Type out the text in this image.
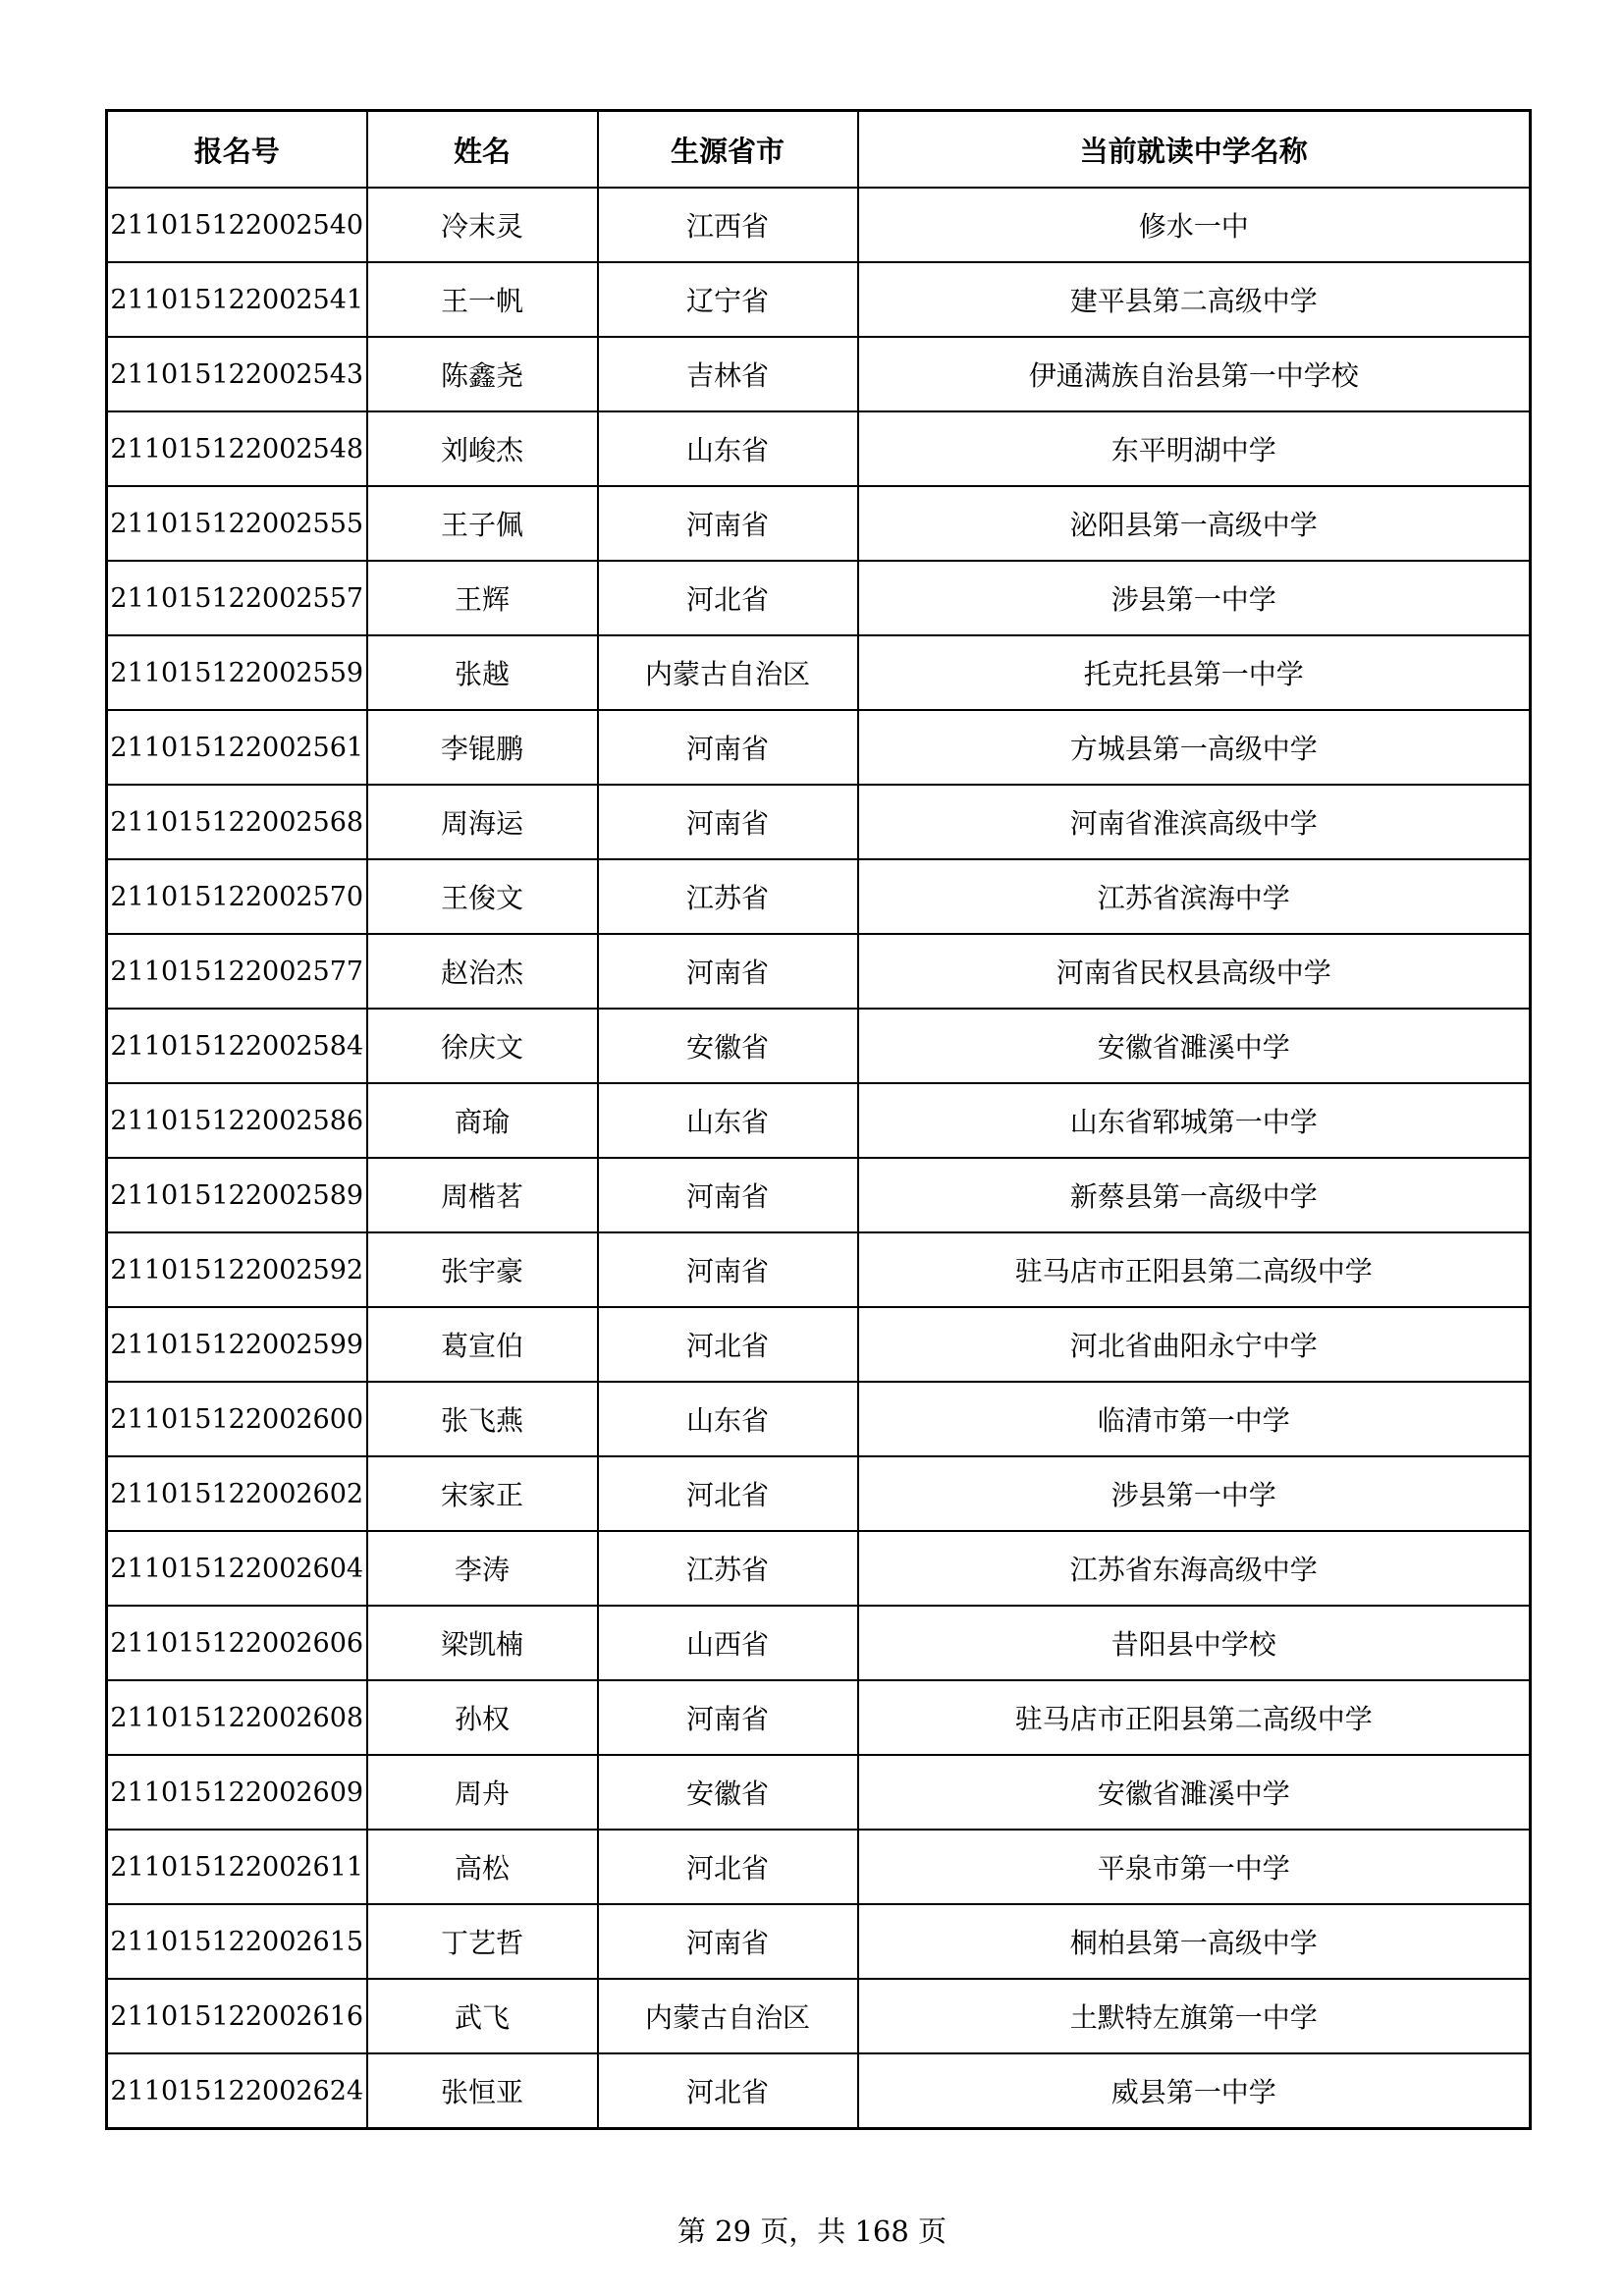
报名号	姓名	生源省市	当前就读中学名称
211015122002540	冷末灵	江西省	修水一中
211015122002541	王一帆	辽宁省	建平县第二高级中学
211015122002543	陈鑫尧	吉林省	伊通满族自治县第一中学校
211015122002548	刘峻杰	山东省	东平明湖中学
211015122002555	王子佩	河南省	泌阳县第一高级中学
211015122002557	王辉	河北省	涉县第一中学
211015122002559	张越	内蒙古自治区	托克托县第一中学
211015122002561	李锟鹏	河南省	方城县第一高级中学
211015122002568	周海运	河南省	河南省淮滨高级中学
211015122002570	王俊文	江苏省	江苏省滨海中学
211015122002577	赵治杰	河南省	河南省民权县高级中学
211015122002584	徐庆文	安徽省	安徽省濉溪中学
211015122002586	商瑜	山东省	山东省郓城第一中学
211015122002589	周楷茗	河南省	新蔡县第一高级中学
211015122002592	张宇豪	河南省	驻马店市正阳县第二高级中学
211015122002599	葛宣伯	河北省	河北省曲阳永宁中学
211015122002600	张飞燕	山东省	临清市第一中学
211015122002602	宋家正	河北省	涉县第一中学
211015122002604	李涛	江苏省	江苏省东海高级中学
211015122002606	梁凯楠	山西省	昔阳县中学校
211015122002608	孙权	河南省	驻马店市正阳县第二高级中学
211015122002609	周舟	安徽省	安徽省濉溪中学
211015122002611	高松	河北省	平泉市第一中学
211015122002615	丁艺哲	河南省	桐柏县第一高级中学
211015122002616	武飞	内蒙古自治区	土默特左旗第一中学
211015122002624	张恒亚	河北省	威县第一中学
第 29 页，共 168 页
